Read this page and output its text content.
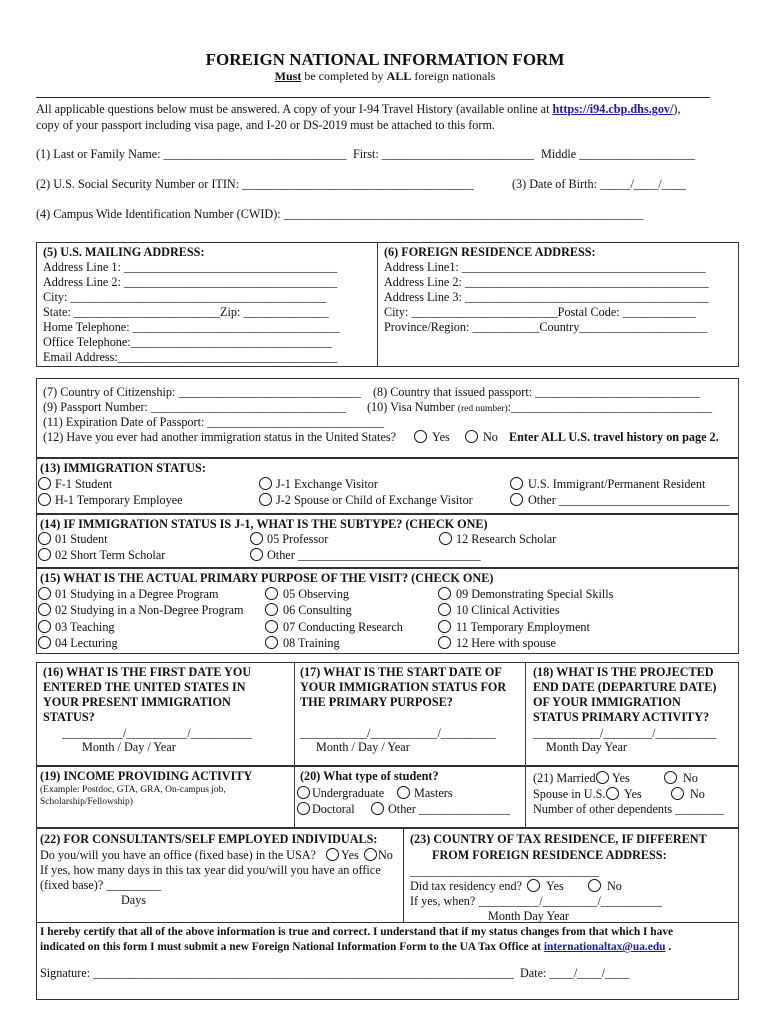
FOREIGN NATIONAL INFORMATION FORM
Must be completed by ALL foreign nationals
All applicable questions below must be answered. A copy of your I-94 Travel History (available online at https://i94.cbp.dhs.gov/),
copy of your passport including visa page, and I-20 or DS-2019 must be attached to this form.
(1) Last or Family Name: ______________________________ First: _________________________ Middle ___________________
(2) U.S. Social Security Number or ITIN: ______________________________________	(3) Date of Birth: _____/____/____
(4) Campus Wide Identification Number (CWID): ___________________________________________________________
(5) U.S. MAILING ADDRESS:
Address Line 1: ___________________________________
Address Line 2: ___________________________________
City: __________________________________________
State: ________________________Zip: ______________
Home Telephone: __________________________________
Office Telephone:_________________________________
Email Address:____________________________________
(6) FOREIGN RESIDENCE ADDRESS:
Address Line1: ________________________________________
Address Line 2: ________________________________________
Address Line 3: ________________________________________
City: ________________________Postal Code: ____________
Province/Region: ___________Country_____________________
(7) Country of Citizenship: ______________________________ (8) Country that issued passport: ___________________________
(9) Passport Number: ________________________________ (10) Visa Number (red number):_________________________________
(11) Expiration Date of Passport: _____________________________
(12) Have you ever had another immigration status in the United States?	Yes	No Enter ALL U.S. travel history on page 2.
(13) IMMIGRATION STATUS:
F-1 Student
H-1 Temporary Employee
J-1 Exchange Visitor
J-2 Spouse or Child of Exchange Visitor
U.S. Immigrant/Permanent Resident
Other ____________________________
(14) IF IMMIGRATION STATUS IS J-1, WHAT IS THE SUBTYPE? (CHECK ONE)
01 Student
02 Short Term Scholar
05 Professor
Other ______________________________
12 Research Scholar
(15) WHAT IS THE ACTUAL PRIMARY PURPOSE OF THE VISIT? (CHECK ONE)
01 Studying in a Degree Program
02 Studying in a Non-Degree Program
03 Teaching
04 Lecturing
05 Observing
06 Consulting
07 Conducting Research
08 Training
09 Demonstrating Special Skills
10 Clinical Activities
11 Temporary Employment
12 Here with spouse
(16) WHAT IS THE FIRST DATE YOU
ENTERED THE UNITED STATES IN
YOUR PRESENT IMMIGRATION
STATUS?
__________/__________/__________
Month / Day / Year
(17) WHAT IS THE START DATE OF
YOUR IMMIGRATION STATUS FOR
THE PRIMARY PURPOSE?
___________/___________/_________
Month / Day / Year
(18) WHAT IS THE PROJECTED
END DATE (DEPARTURE DATE)
OF YOUR IMMIGRATION
STATUS PRIMARY ACTIVITY?
___________/________/__________
Month Day Year
(19) INCOME PROVIDING ACTIVITY
(Example: Postdoc, GTA, GRA, On-campus job,
Scholarship/Fellowship)
(20) What type of student?
Undergraduate Masters
Doctoral	Other _______________
(21) Married Yes	No
Spouse in U.S. Yes	No
Number of other dependents ________
(22) FOR CONSULTANTS/SELF EMPLOYED INDIVIDUALS:
Do you/will you have an office (fixed base) in the USA? Yes No
If yes, how many days in this tax year did you/will you have an office
(fixed base)? _________
Days
(23) COUNTRY OF TAX RESIDENCE, IF DIFFERENT
FROM FOREIGN RESIDENCE ADDRESS:
_______________________________
Did tax residency end? Yes	No
If yes, when? __________/_________/__________
Month Day Year
I hereby certify that all of the above information is true and correct. I understand that if my status changes from that which I have
indicated on this form I must submit a new Foreign National Information Form to the UA Tax Office at internationaltax@ua.edu .
Signature: _____________________________________________________________________ Date: ____/____/____
